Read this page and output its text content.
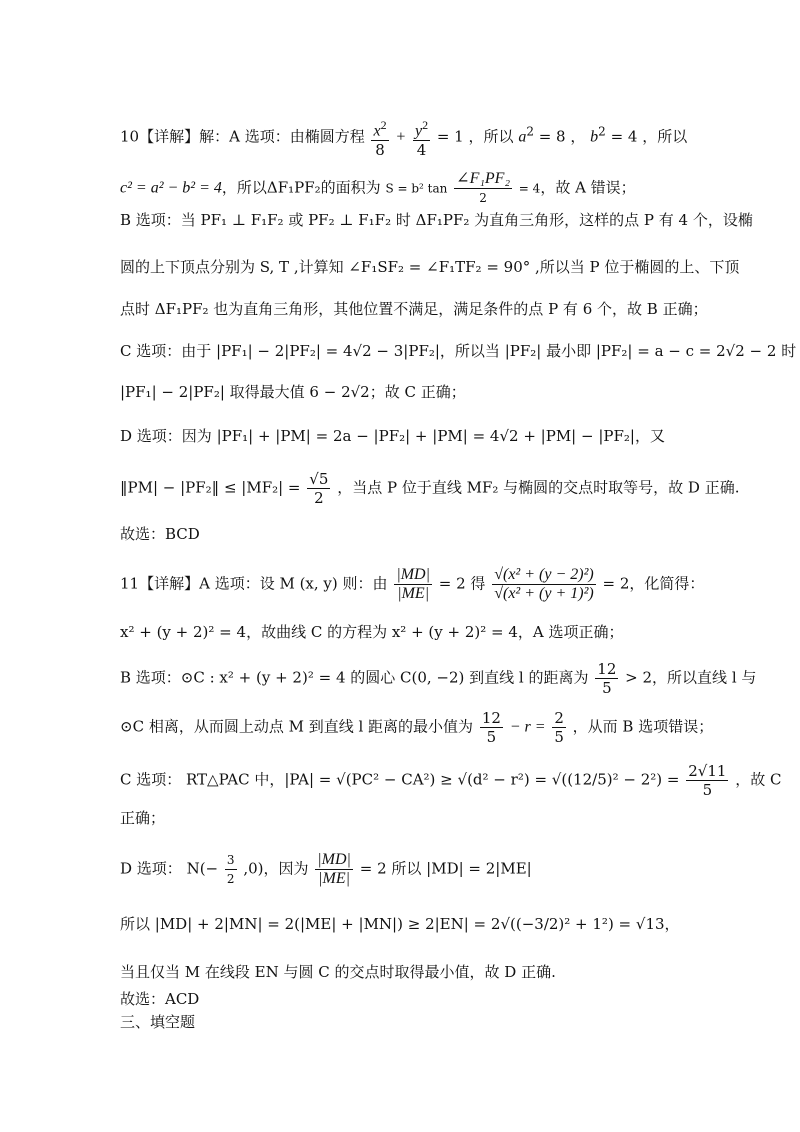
10【详解】解：A 选项：由椭圆方程 $\frac{x^2}{8} + \frac{y^2}{4} = 1$ ，所以 $a^2 = 8$ ， $b^2 = 4$ ，所以
c² = a² − b² = 4，所以ΔF₁PF₂的面积为 S = b² $\tan \frac{\text{∠F₁PF₂}}{2} = 4$，故 A 错误；
B 选项：当 PF₁ ⊥ F₁F₂ 或 PF₂ ⊥ F₁F₂ 时 ΔF₁PF₂ 为直角三角形，这样的点 P 有 4 个，设椭
圆的上下顶点分别为 S, T ,计算知 ∠F₁SF₂ = ∠F₁TF₂ = 90° ,所以当 P 位于椭圆的上、下顶
点时 ΔF₁PF₂ 也为直角三角形，其他位置不满足，满足条件的点 P 有 6 个，故 B 正确；
C 选项：由于 |PF₁| − 2|PF₂| = 4√2 − 3|PF₂|，所以当 |PF₂| 最小即 |PF₂| = a − c = 2√2 − 2 时
|PF₁| − 2|PF₂| 取得最大值 6 − 2√2；故 C 正确；
D 选项：因为 |PF₁| + |PM| = 2a − |PF₂| + |PM| = 4√2 + |PM| − |PF₂|，又
‖PM| − |PF₂‖ ≤ $|MF_2| = \frac{√5}{2}$ ，当点 P 位于直线 MF₂ 与椭圆的交点时取等号，故 D 正确.
故选：BCD
11【详解】A 选项：设 M (x, y) 则：由 $\frac{|MD|}{|ME|} = 2$ 得 $\frac{\text{√(x² + (y − 2)²)}}{\text{√(x² + (y + 1)²)}} = 2$，化简得：
x² + (y + 2)² = 4，故曲线 C 的方程为 x² + (y + 2)² = 4，A 选项正确；
B 选项：⊙C : x² + (y + 2)² = 4 的圆心 C(0, −2) 到直线 l 的距离为 $\frac{12}{5} > 2$，所以直线 l 与
⊙C 相离，从而圆上动点 M 到直线 l 距离的最小值为 $\frac{12}{5} - r = \frac{2}{5}$ ，从而 B 选项错误；
C 选项： RT△PAC 中，$|PA| = √(PC^2 - CA^2) \ge √(d^2 - r^2) = √((12/5)^2 - 2^2) = \frac{2√11}{5}$ ，故 C
正确；
D 选项： $N(- \frac{3}{2} ,0)$，因为 $\frac{|MD|}{|ME|} = 2$ 所以 |MD| = 2|ME|
所以 |MD| + 2|MN| = 2(|ME| + |MN|) ≥ 2|EN| = 2√((−3/2)² + 1²) = √13，
当且仅当 M 在线段 EN 与圆 C 的交点时取得最小值，故 D 正确.
故选：ACD
三、填空题
